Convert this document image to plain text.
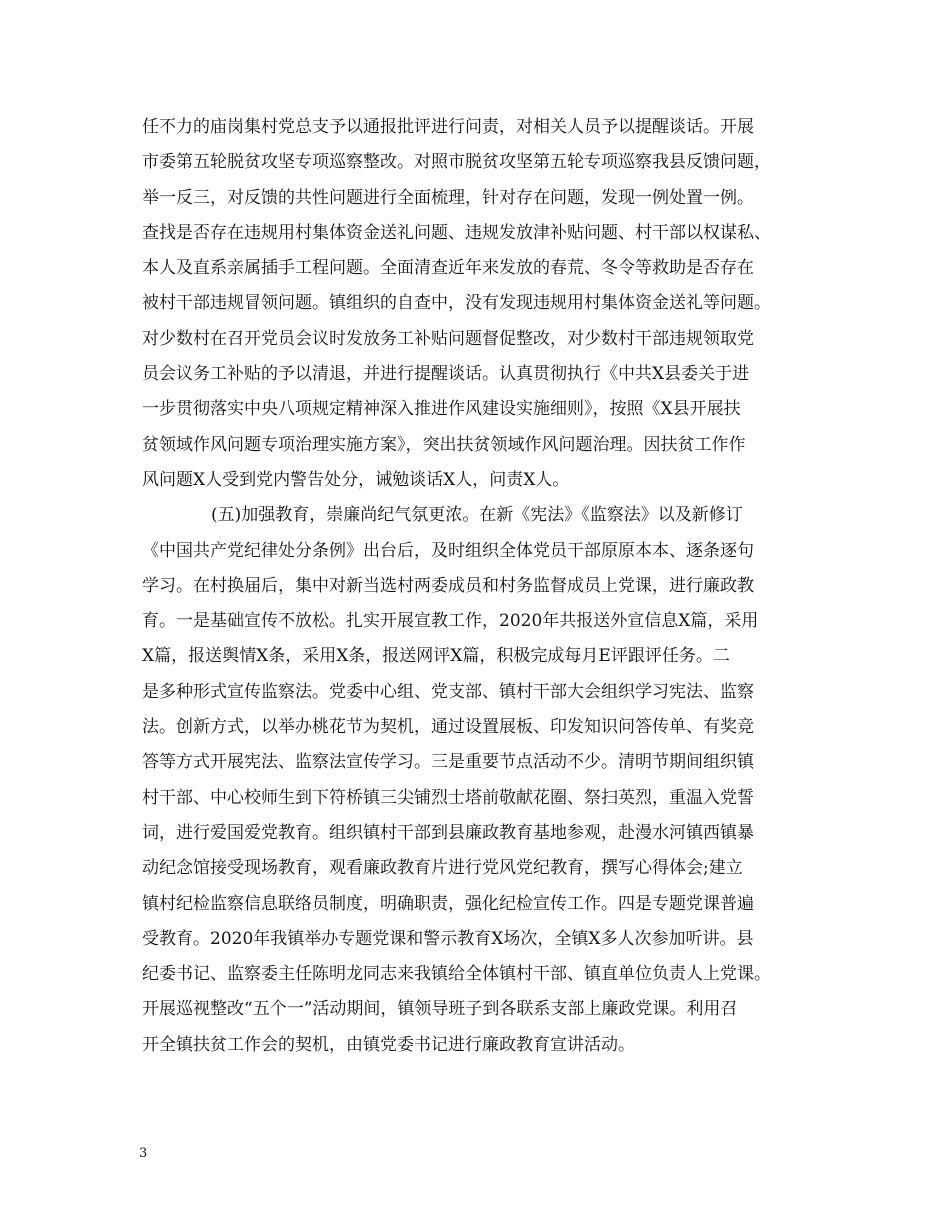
任不力的庙岗集村党总支予以通报批评进行问责，对相关人员予以提醒谈话。开展
市委第五轮脱贫攻坚专项巡察整改。对照市脱贫攻坚第五轮专项巡察我县反馈问题，
举一反三，对反馈的共性问题进行全面梳理，针对存在问题，发现一例处置一例。
查找是否存在违规用村集体资金送礼问题、违规发放津补贴问题、村干部以权谋私、
本人及直系亲属插手工程问题。全面清查近年来发放的春荒、冬令等救助是否存在
被村干部违规冒领问题。镇组织的自查中，没有发现违规用村集体资金送礼等问题。
对少数村在召开党员会议时发放务工补贴问题督促整改，对少数村干部违规领取党
员会议务工补贴的予以清退，并进行提醒谈话。认真贯彻执行《中共X县委关于进
一步贯彻落实中央八项规定精神深入推进作风建设实施细则》，按照《X县开展扶
贫领域作风问题专项治理实施方案》，突出扶贫领域作风问题治理。因扶贫工作作
风问题X人受到党内警告处分，诫勉谈话X人，问责X人。
(五)加强教育，崇廉尚纪气氛更浓。在新《宪法》《监察法》以及新修订
《中国共产党纪律处分条例》出台后，及时组织全体党员干部原原本本、逐条逐句
学习。在村换届后，集中对新当选村两委成员和村务监督成员上党课，进行廉政教
育。一是基础宣传不放松。扎实开展宣教工作，2020年共报送外宣信息X篇，采用
X篇，报送舆情X条，采用X条，报送网评X篇，积极完成每月E评跟评任务。二
是多种形式宣传监察法。党委中心组、党支部、镇村干部大会组织学习宪法、监察
法。创新方式，以举办桃花节为契机，通过设置展板、印发知识问答传单、有奖竞
答等方式开展宪法、监察法宣传学习。三是重要节点活动不少。清明节期间组织镇
村干部、中心校师生到下符桥镇三尖铺烈士塔前敬献花圈、祭扫英烈，重温入党誓
词，进行爱国爱党教育。组织镇村干部到县廉政教育基地参观，赴漫水河镇西镇暴
动纪念馆接受现场教育，观看廉政教育片进行党风党纪教育，撰写心得体会;建立
镇村纪检监察信息联络员制度，明确职责，强化纪检宣传工作。四是专题党课普遍
受教育。2020年我镇举办专题党课和警示教育X场次，全镇X多人次参加听讲。县
纪委书记、监察委主任陈明龙同志来我镇给全体镇村干部、镇直单位负责人上党课。
开展巡视整改“五个一”活动期间，镇领导班子到各联系支部上廉政党课。利用召
开全镇扶贫工作会的契机，由镇党委书记进行廉政教育宣讲活动。
3
